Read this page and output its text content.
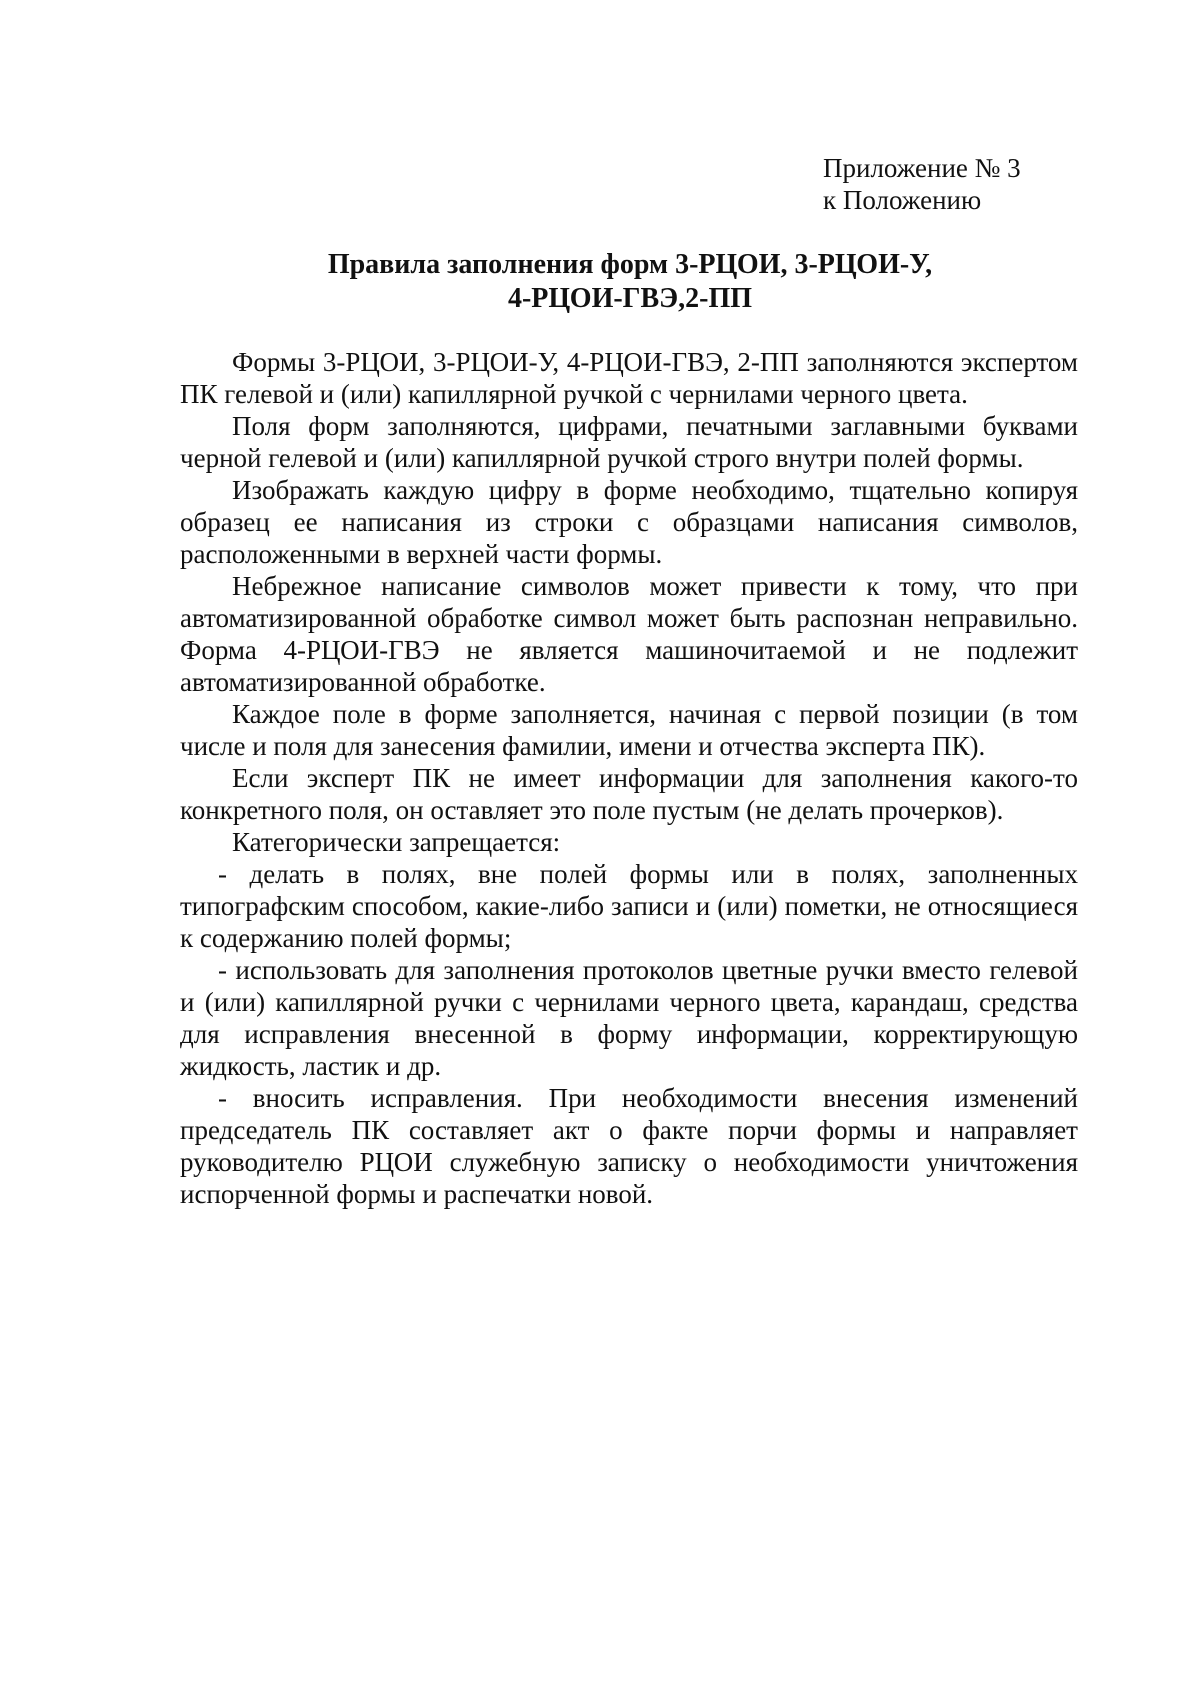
Приложение № 3
к Положению
Правила заполнения форм 3-РЦОИ, 3-РЦОИ-У,
4-РЦОИ-ГВЭ,2-ПП

Формы 3-РЦОИ, 3-РЦОИ-У, 4-РЦОИ-ГВЭ, 2-ПП заполняются экспертом ПК гелевой и (или) капиллярной ручкой с чернилами черного цвета.

Поля форм заполняются, цифрами, печатными заглавными буквами черной гелевой и (или) капиллярной ручкой строго внутри полей формы.

Изображать каждую цифру в форме необходимо, тщательно копируя образец ее написания из строки с образцами написания символов, расположенными в верхней части формы.

Небрежное написание символов может привести к тому, что при автоматизированной обработке символ может быть распознан неправильно. Форма 4-РЦОИ-ГВЭ не является машиночитаемой и не подлежит автоматизированной обработке.

Каждое поле в форме заполняется, начиная с первой позиции (в том числе и поля для занесения фамилии, имени и отчества эксперта ПК).

Если эксперт ПК не имеет информации для заполнения какого-то конкретного поля, он оставляет это поле пустым (не делать прочерков).

Категорически запрещается:

- делать в полях, вне полей формы или в полях, заполненных типографским способом, какие-либо записи и (или) пометки, не относящиеся к содержанию полей формы;

- использовать для заполнения протоколов цветные ручки вместо гелевой и (или) капиллярной ручки с чернилами черного цвета, карандаш, средства для исправления внесенной в форму информации, корректирующую жидкость, ластик и др.

- вносить исправления. При необходимости внесения изменений председатель ПК составляет акт о факте порчи формы и направляет руководителю РЦОИ служебную записку о необходимости уничтожения испорченной формы и распечатки новой.
